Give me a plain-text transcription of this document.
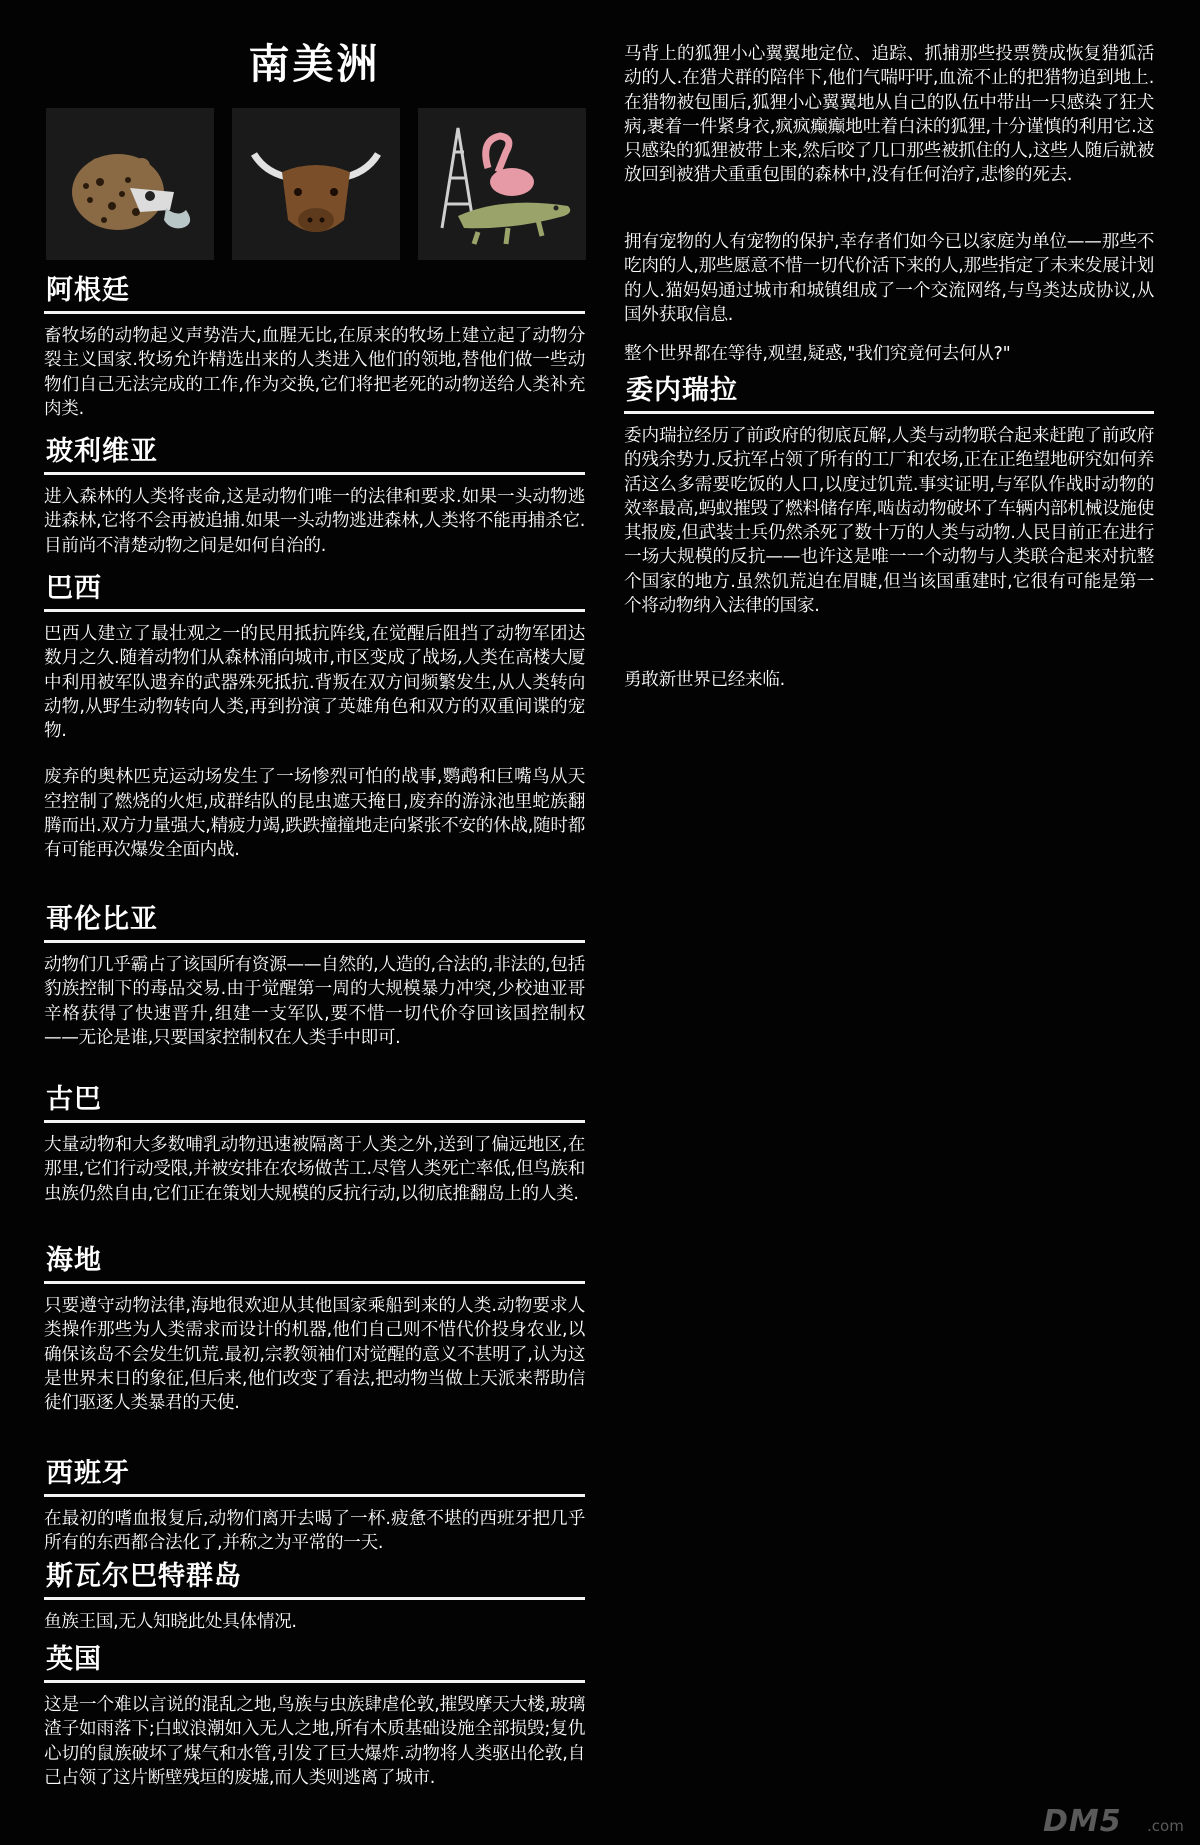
南美洲
阿根廷

畜牧场的动物起义声势浩大,血腥无比,在原来的牧场上建立起了动物分裂主义国家.牧场允许精选出来的人类进入他们的领地,替他们做一些动物们自己无法完成的工作,作为交换,它们将把老死的动物送给人类补充肉类.

玻利维亚

进入森林的人类将丧命,这是动物们唯一的法律和要求.如果一头动物逃进森林,它将不会再被追捕.如果一头动物逃进森林,人类将不能再捕杀它.目前尚不清楚动物之间是如何自治的.

巴西

巴西人建立了最壮观之一的民用抵抗阵线,在觉醒后阻挡了动物军团达数月之久.随着动物们从森林涌向城市,市区变成了战场,人类在高楼大厦中利用被军队遗弃的武器殊死抵抗.背叛在双方间频繁发生,从人类转向动物,从野生动物转向人类,再到扮演了英雄角色和双方的双重间谍的宠物.

废弃的奥林匹克运动场发生了一场惨烈可怕的战事,鹦鹉和巨嘴鸟从天空控制了燃烧的火炬,成群结队的昆虫遮天掩日,废弃的游泳池里蛇族翻腾而出.双方力量强大,精疲力竭,跌跌撞撞地走向紧张不安的休战,随时都有可能再次爆发全面内战.

哥伦比亚

动物们几乎霸占了该国所有资源——自然的,人造的,合法的,非法的,包括豹族控制下的毒品交易.由于觉醒第一周的大规模暴力冲突,少校迪亚哥辛格获得了快速晋升,组建一支军队,要不惜一切代价夺回该国控制权——无论是谁,只要国家控制权在人类手中即可.

古巴

大量动物和大多数哺乳动物迅速被隔离于人类之外,送到了偏远地区,在那里,它们行动受限,并被安排在农场做苦工.尽管人类死亡率低,但鸟族和虫族仍然自由,它们正在策划大规模的反抗行动,以彻底推翻岛上的人类.

海地

只要遵守动物法律,海地很欢迎从其他国家乘船到来的人类.动物要求人类操作那些为人类需求而设计的机器,他们自己则不惜代价投身农业,以确保该岛不会发生饥荒.最初,宗教领袖们对觉醒的意义不甚明了,认为这是世界末日的象征,但后来,他们改变了看法,把动物当做上天派来帮助信徒们驱逐人类暴君的天使.

西班牙

在最初的嗜血报复后,动物们离开去喝了一杯.疲惫不堪的西班牙把几乎所有的东西都合法化了,并称之为平常的一天.

斯瓦尔巴特群岛

鱼族王国,无人知晓此处具体情况.

英国

这是一个难以言说的混乱之地,鸟族与虫族肆虐伦敦,摧毁摩天大楼,玻璃渣子如雨落下;白蚁浪潮如入无人之地,所有木质基础设施全部损毁;复仇心切的鼠族破坏了煤气和水管,引发了巨大爆炸.动物将人类驱出伦敦,自己占领了这片断壁残垣的废墟,而人类则逃离了城市.

马背上的狐狸小心翼翼地定位、追踪、抓捕那些投票赞成恢复猎狐活动的人.在猎犬群的陪伴下,他们气喘吁吁,血流不止的把猎物追到地上.在猎物被包围后,狐狸小心翼翼地从自己的队伍中带出一只感染了狂犬病,裹着一件紧身衣,疯疯癫癫地吐着白沫的狐狸,十分谨慎的利用它.这只感染的狐狸被带上来,然后咬了几口那些被抓住的人,这些人随后就被放回到被猎犬重重包围的森林中,没有任何治疗,悲惨的死去.

拥有宠物的人有宠物的保护,幸存者们如今已以家庭为单位——那些不吃肉的人,那些愿意不惜一切代价活下来的人,那些指定了未来发展计划的人.猫妈妈通过城市和城镇组成了一个交流网络,与鸟类达成协议,从国外获取信息.

整个世界都在等待,观望,疑惑,"我们究竟何去何从?"

委内瑞拉

委内瑞拉经历了前政府的彻底瓦解,人类与动物联合起来赶跑了前政府的残余势力.反抗军占领了所有的工厂和农场,正在正绝望地研究如何养活这么多需要吃饭的人口,以度过饥荒.事实证明,与军队作战时动物的效率最高,蚂蚁摧毁了燃料储存库,啮齿动物破坏了车辆内部机械设施使其报废,但武装士兵仍然杀死了数十万的人类与动物.人民目前正在进行一场大规模的反抗——也许这是唯一一个动物与人类联合起来对抗整个国家的地方.虽然饥荒迫在眉睫,但当该国重建时,它很有可能是第一个将动物纳入法律的国家.

勇敢新世界已经来临.

DM5 .com
